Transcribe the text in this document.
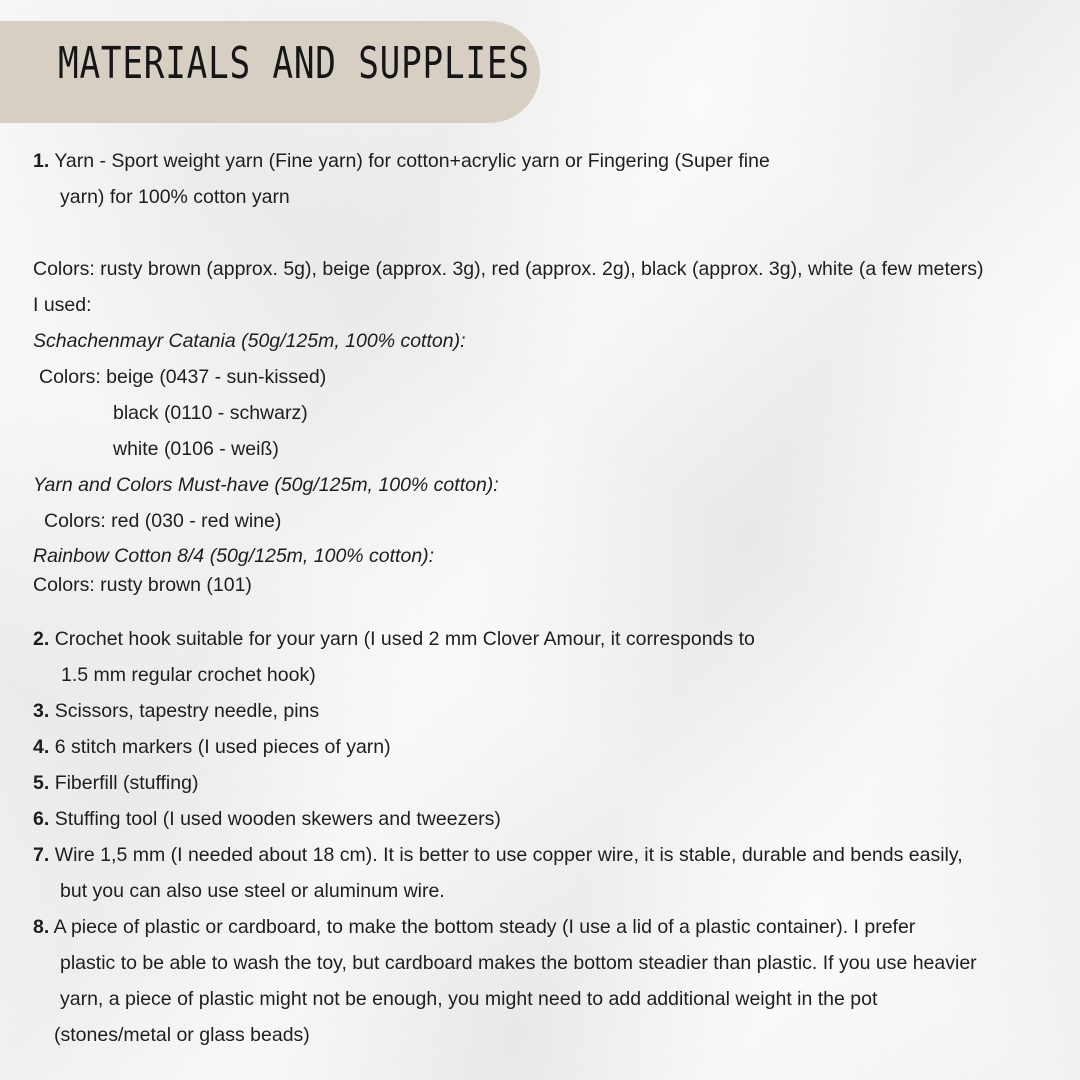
MATERIALS AND SUPPLIES
1. Yarn - Sport weight yarn (Fine yarn) for cotton+acrylic yarn or Fingering (Super fine
yarn) for 100% cotton yarn
Colors: rusty brown (approx. 5g), beige (approx. 3g), red (approx. 2g), black (approx. 3g), white (a few meters)
I used:
Schachenmayr Catania (50g/125m, 100% cotton):
Colors: beige (0437 - sun-kissed)
black (0110 - schwarz)
white (0106 - weiß)
Yarn and Colors Must-have (50g/125m, 100% cotton):
Colors: red (030 - red wine)
Rainbow Cotton 8/4 (50g/125m, 100% cotton):
Colors: rusty brown (101)
2. Crochet hook suitable for your yarn (I used 2 mm Clover Amour, it corresponds to
1.5 mm regular crochet hook)
3. Scissors, tapestry needle, pins
4. 6 stitch markers (I used pieces of yarn)
5. Fiberfill (stuffing)
6. Stuffing tool (I used wooden skewers and tweezers)
7. Wire 1,5 mm (I needed about 18 cm). It is better to use copper wire, it is stable, durable and bends easily,
but you can also use steel or aluminum wire.
8. A piece of plastic or cardboard, to make the bottom steady (I use a lid of a plastic container). I prefer
plastic to be able to wash the toy, but cardboard makes the bottom steadier than plastic. If you use heavier
yarn, a piece of plastic might not be enough, you might need to add additional weight in the pot
(stones/metal or glass beads)
